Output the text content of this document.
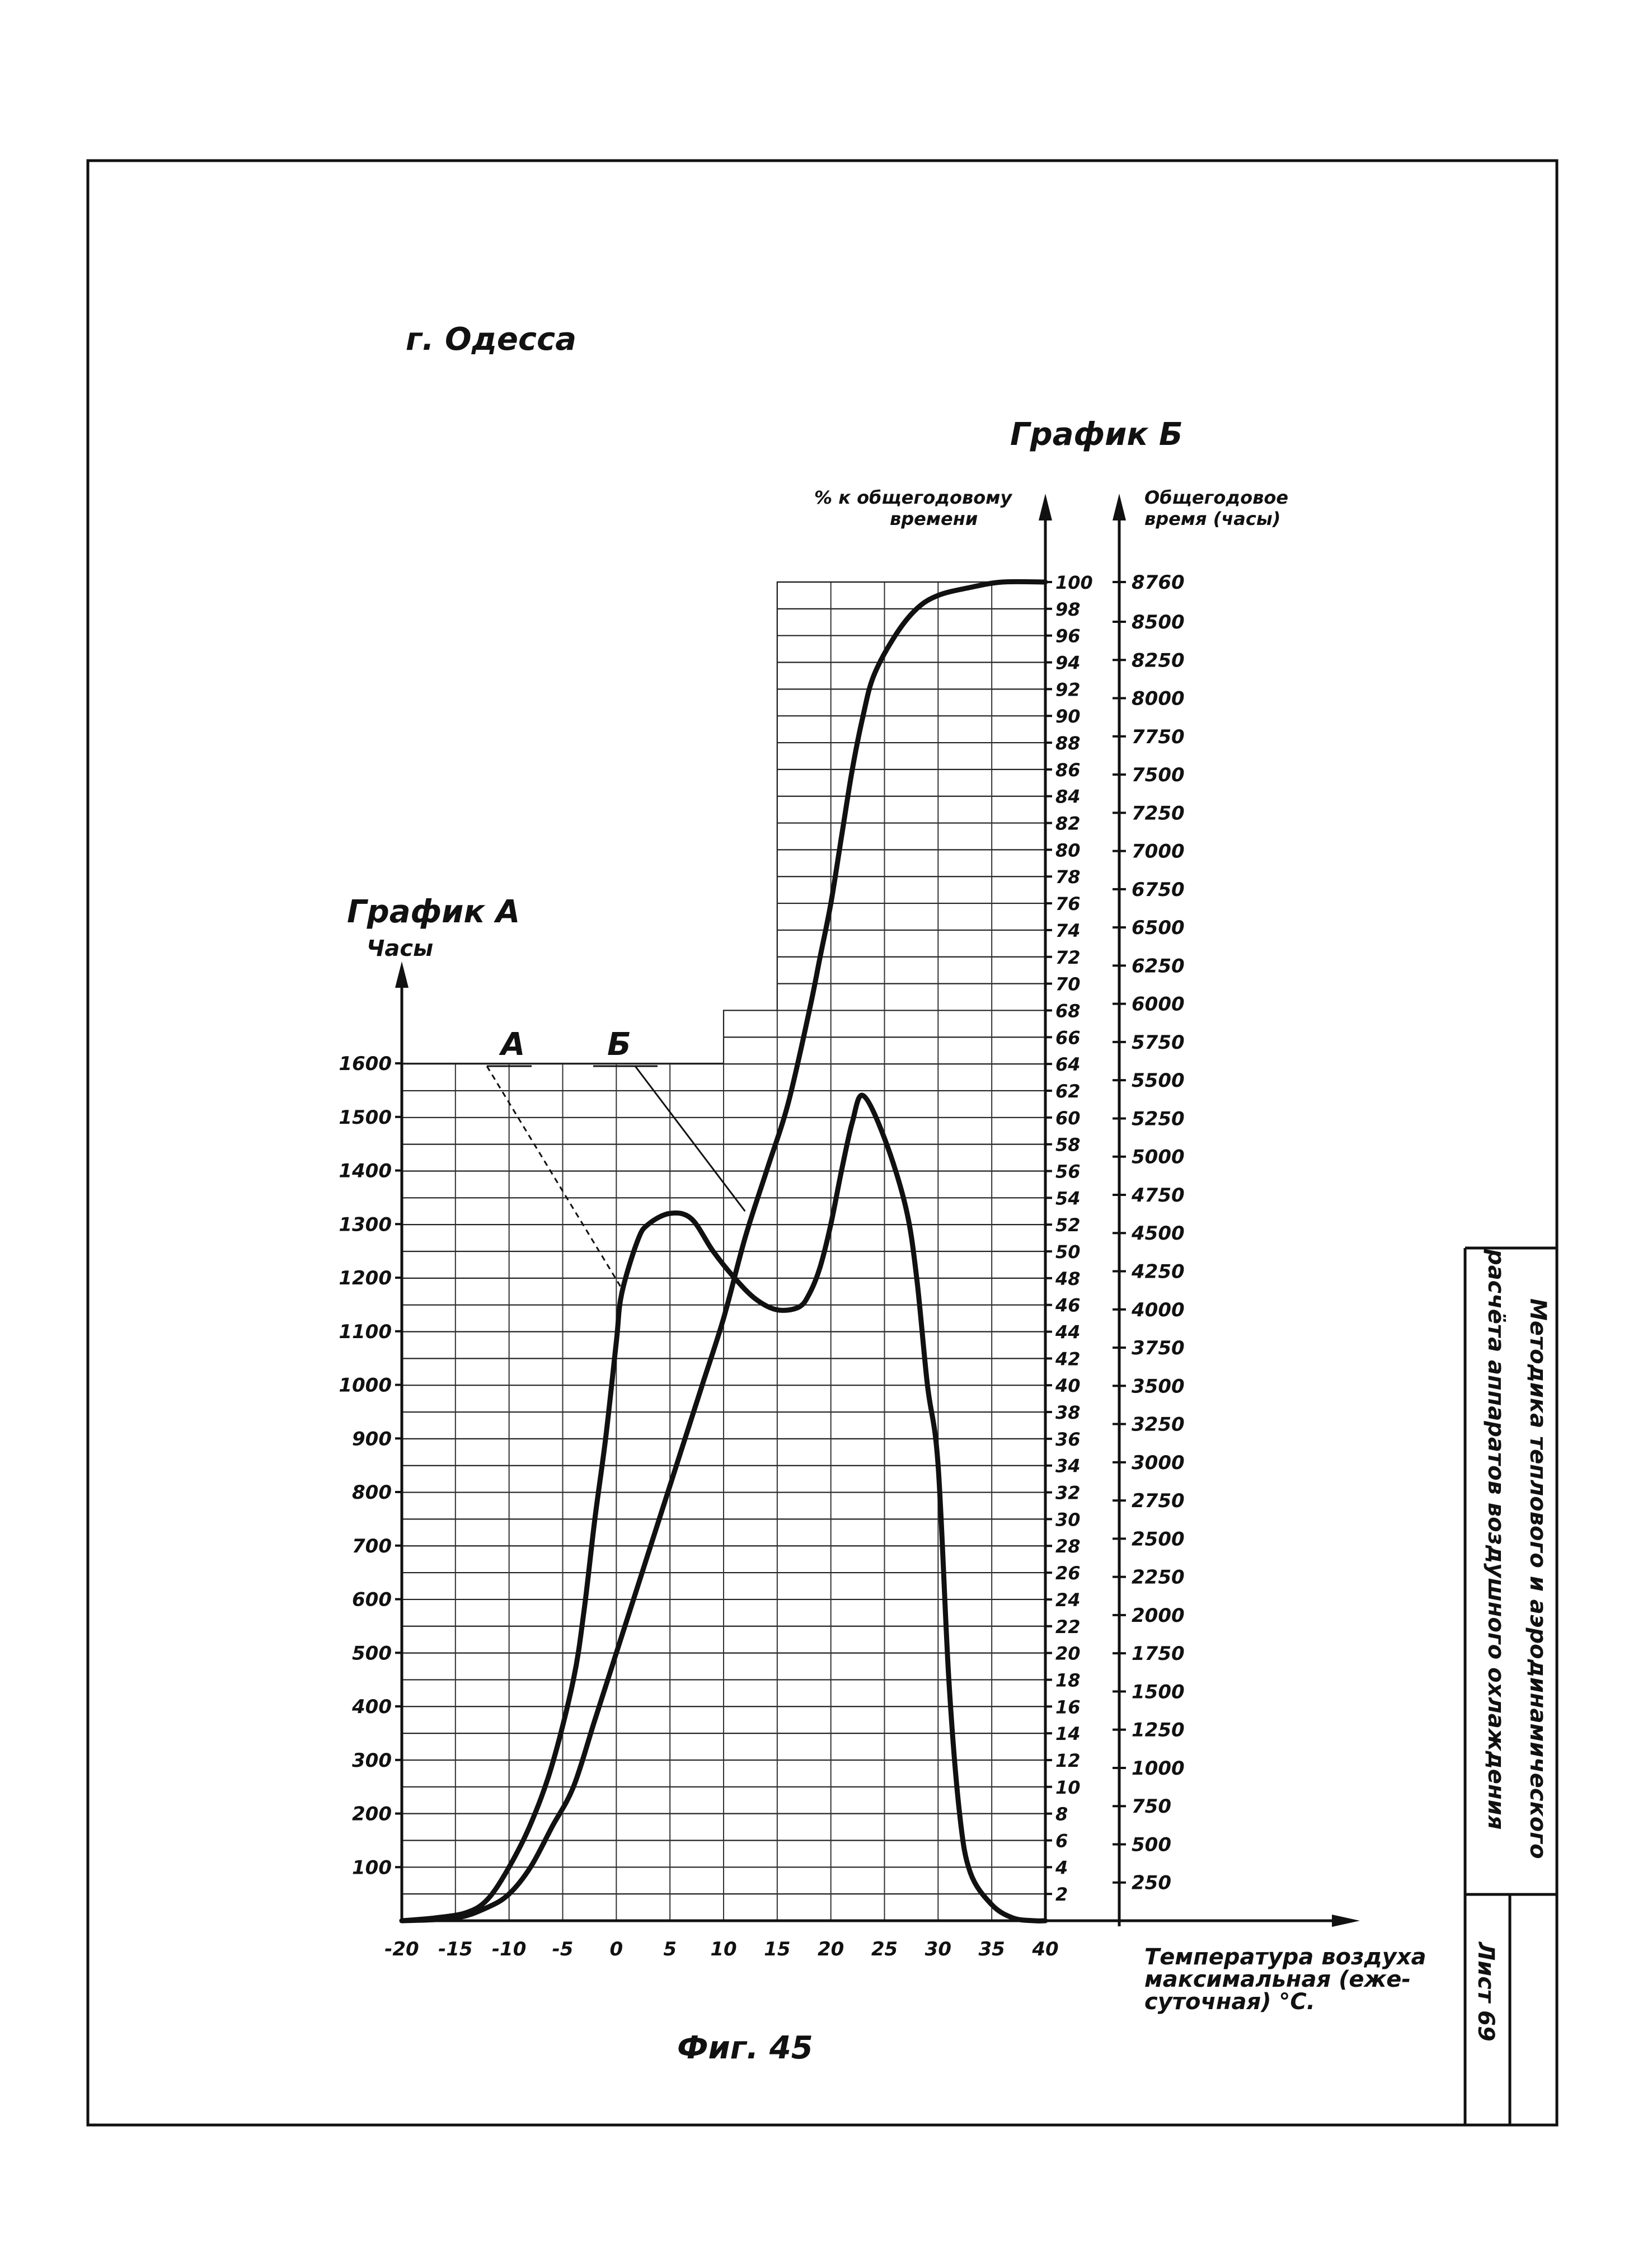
Методика теплового и аэродинамического
расчёта аппаратов воздушного охлаждения
Лист 69
г. Одесса
График Б
График А
Фиг. 45
Часы
% к общегодовому
времени
Общегодовое
время (часы)
Температура воздуха
максимальная (еже-
суточная) °С.
-20 -15 -10 -5 0 5 10 15 20 25 30 35 40
100
200
300
400
500
600
700
800
900
1000
1100
1200
1300
1400
1500
1600
2
4
6
8
10
12
14
16
18
20
22
24
26
28
30
32
34
36
38
40
42
44
46
48
50
52
54
56
58
60
62
64
66
68
70
72
74
76
78
80
82
84
86
88
90
92
94
96
98
100
250
500
750
1000
1250
1500
1750
2000
2250
2500
2750
3000
3250
3500
3750
4000
4250
4500
4750
5000
5250
5500
5750
6000
6250
6500
6750
7000
7250
7500
7750
8000
8250
8500
8760
А	Б
